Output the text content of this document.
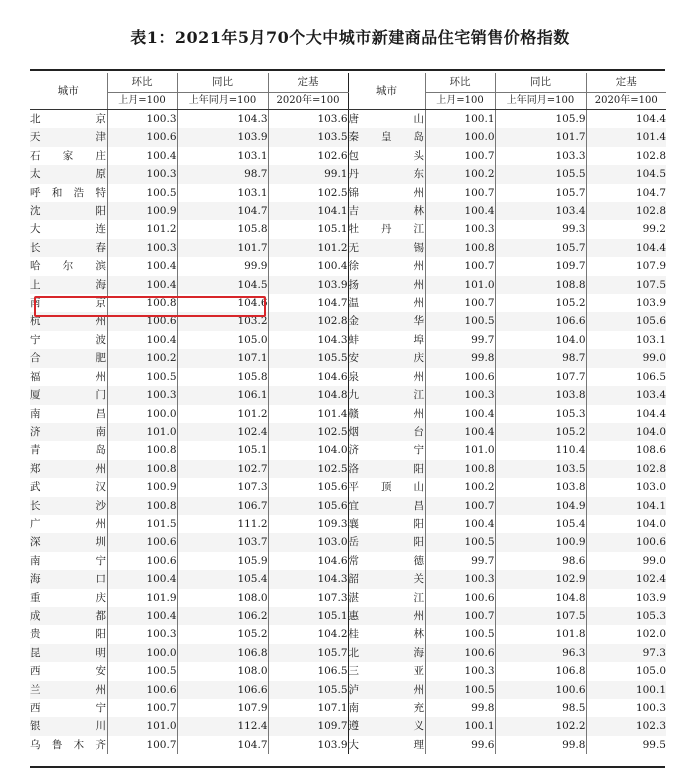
表1：2021年5月70个大中城市新建商品住宅销售价格指数
城市	环比	同比	定基	城市	环比	同比	定基
	上月=100	上年同月=100	2020年=100		上月=100	上年同月=100	2020年=100
北　京	100.3	104.3	103.6	唐　山	100.1	105.9	104.4
天　津	100.6	103.9	103.5	秦皇岛	100.0	101.7	101.4
石家庄	100.4	103.1	102.6	包　头	100.7	103.3	102.8
太　原	100.3	98.7	99.1	丹　东	100.2	105.5	104.5
呼和浩特	100.5	103.1	102.5	锦　州	100.7	105.7	104.7
沈　阳	100.9	104.7	104.1	吉　林	100.4	103.4	102.8
大　连	101.2	105.8	105.1	牡丹江	100.3	99.3	99.2
长　春	100.3	101.7	101.2	无　锡	100.8	105.7	104.4
哈尔滨	100.4	99.9	100.4	徐　州	100.7	109.7	107.9
上　海	100.4	104.5	103.9	扬　州	101.0	108.8	107.5
南　京	100.8	104.6	104.7	温　州	100.7	105.2	103.9
杭　州	100.6	103.2	102.8	金　华	100.5	106.6	105.6
宁　波	100.4	105.0	104.3	蚌　埠	99.7	104.0	103.1
合　肥	100.2	107.1	105.5	安　庆	99.8	98.7	99.0
福　州	100.5	105.8	104.6	泉　州	100.6	107.7	106.5
厦　门	100.3	106.1	104.8	九　江	100.3	103.8	103.4
南　昌	100.0	101.2	101.4	赣　州	100.4	105.3	104.4
济　南	101.0	102.4	102.5	烟　台	100.4	105.2	104.0
青　岛	100.8	105.1	104.0	济　宁	101.0	110.4	108.6
郑　州	100.8	102.7	102.5	洛　阳	100.8	103.5	102.8
武　汉	100.9	107.3	105.6	平顶山	100.2	103.8	103.0
长　沙	100.8	106.7	105.6	宜　昌	100.7	104.9	104.1
广　州	101.5	111.2	109.3	襄　阳	100.4	105.4	104.0
深　圳	100.6	103.7	103.0	岳　阳	100.5	100.9	100.6
南　宁	100.6	105.9	104.6	常　德	99.7	98.6	99.0
海　口	100.4	105.4	104.3	韶　关	100.3	102.9	102.4
重　庆	101.9	108.0	107.3	湛　江	100.6	104.8	103.9
成　都	100.4	106.2	105.1	惠　州	100.7	107.5	105.3
贵　阳	100.3	105.2	104.2	桂　林	100.5	101.8	102.0
昆　明	100.0	106.8	105.7	北　海	100.6	96.3	97.3
西　安	100.5	108.0	106.5	三　亚	100.3	106.8	105.0
兰　州	100.6	106.6	105.5	泸　州	100.5	100.6	100.1
西　宁	100.7	107.9	107.1	南　充	99.8	98.5	100.3
银　川	101.0	112.4	109.7	遵　义	100.1	102.2	102.3
乌鲁木齐	100.7	104.7	103.9	大　理	99.6	99.8	99.5
